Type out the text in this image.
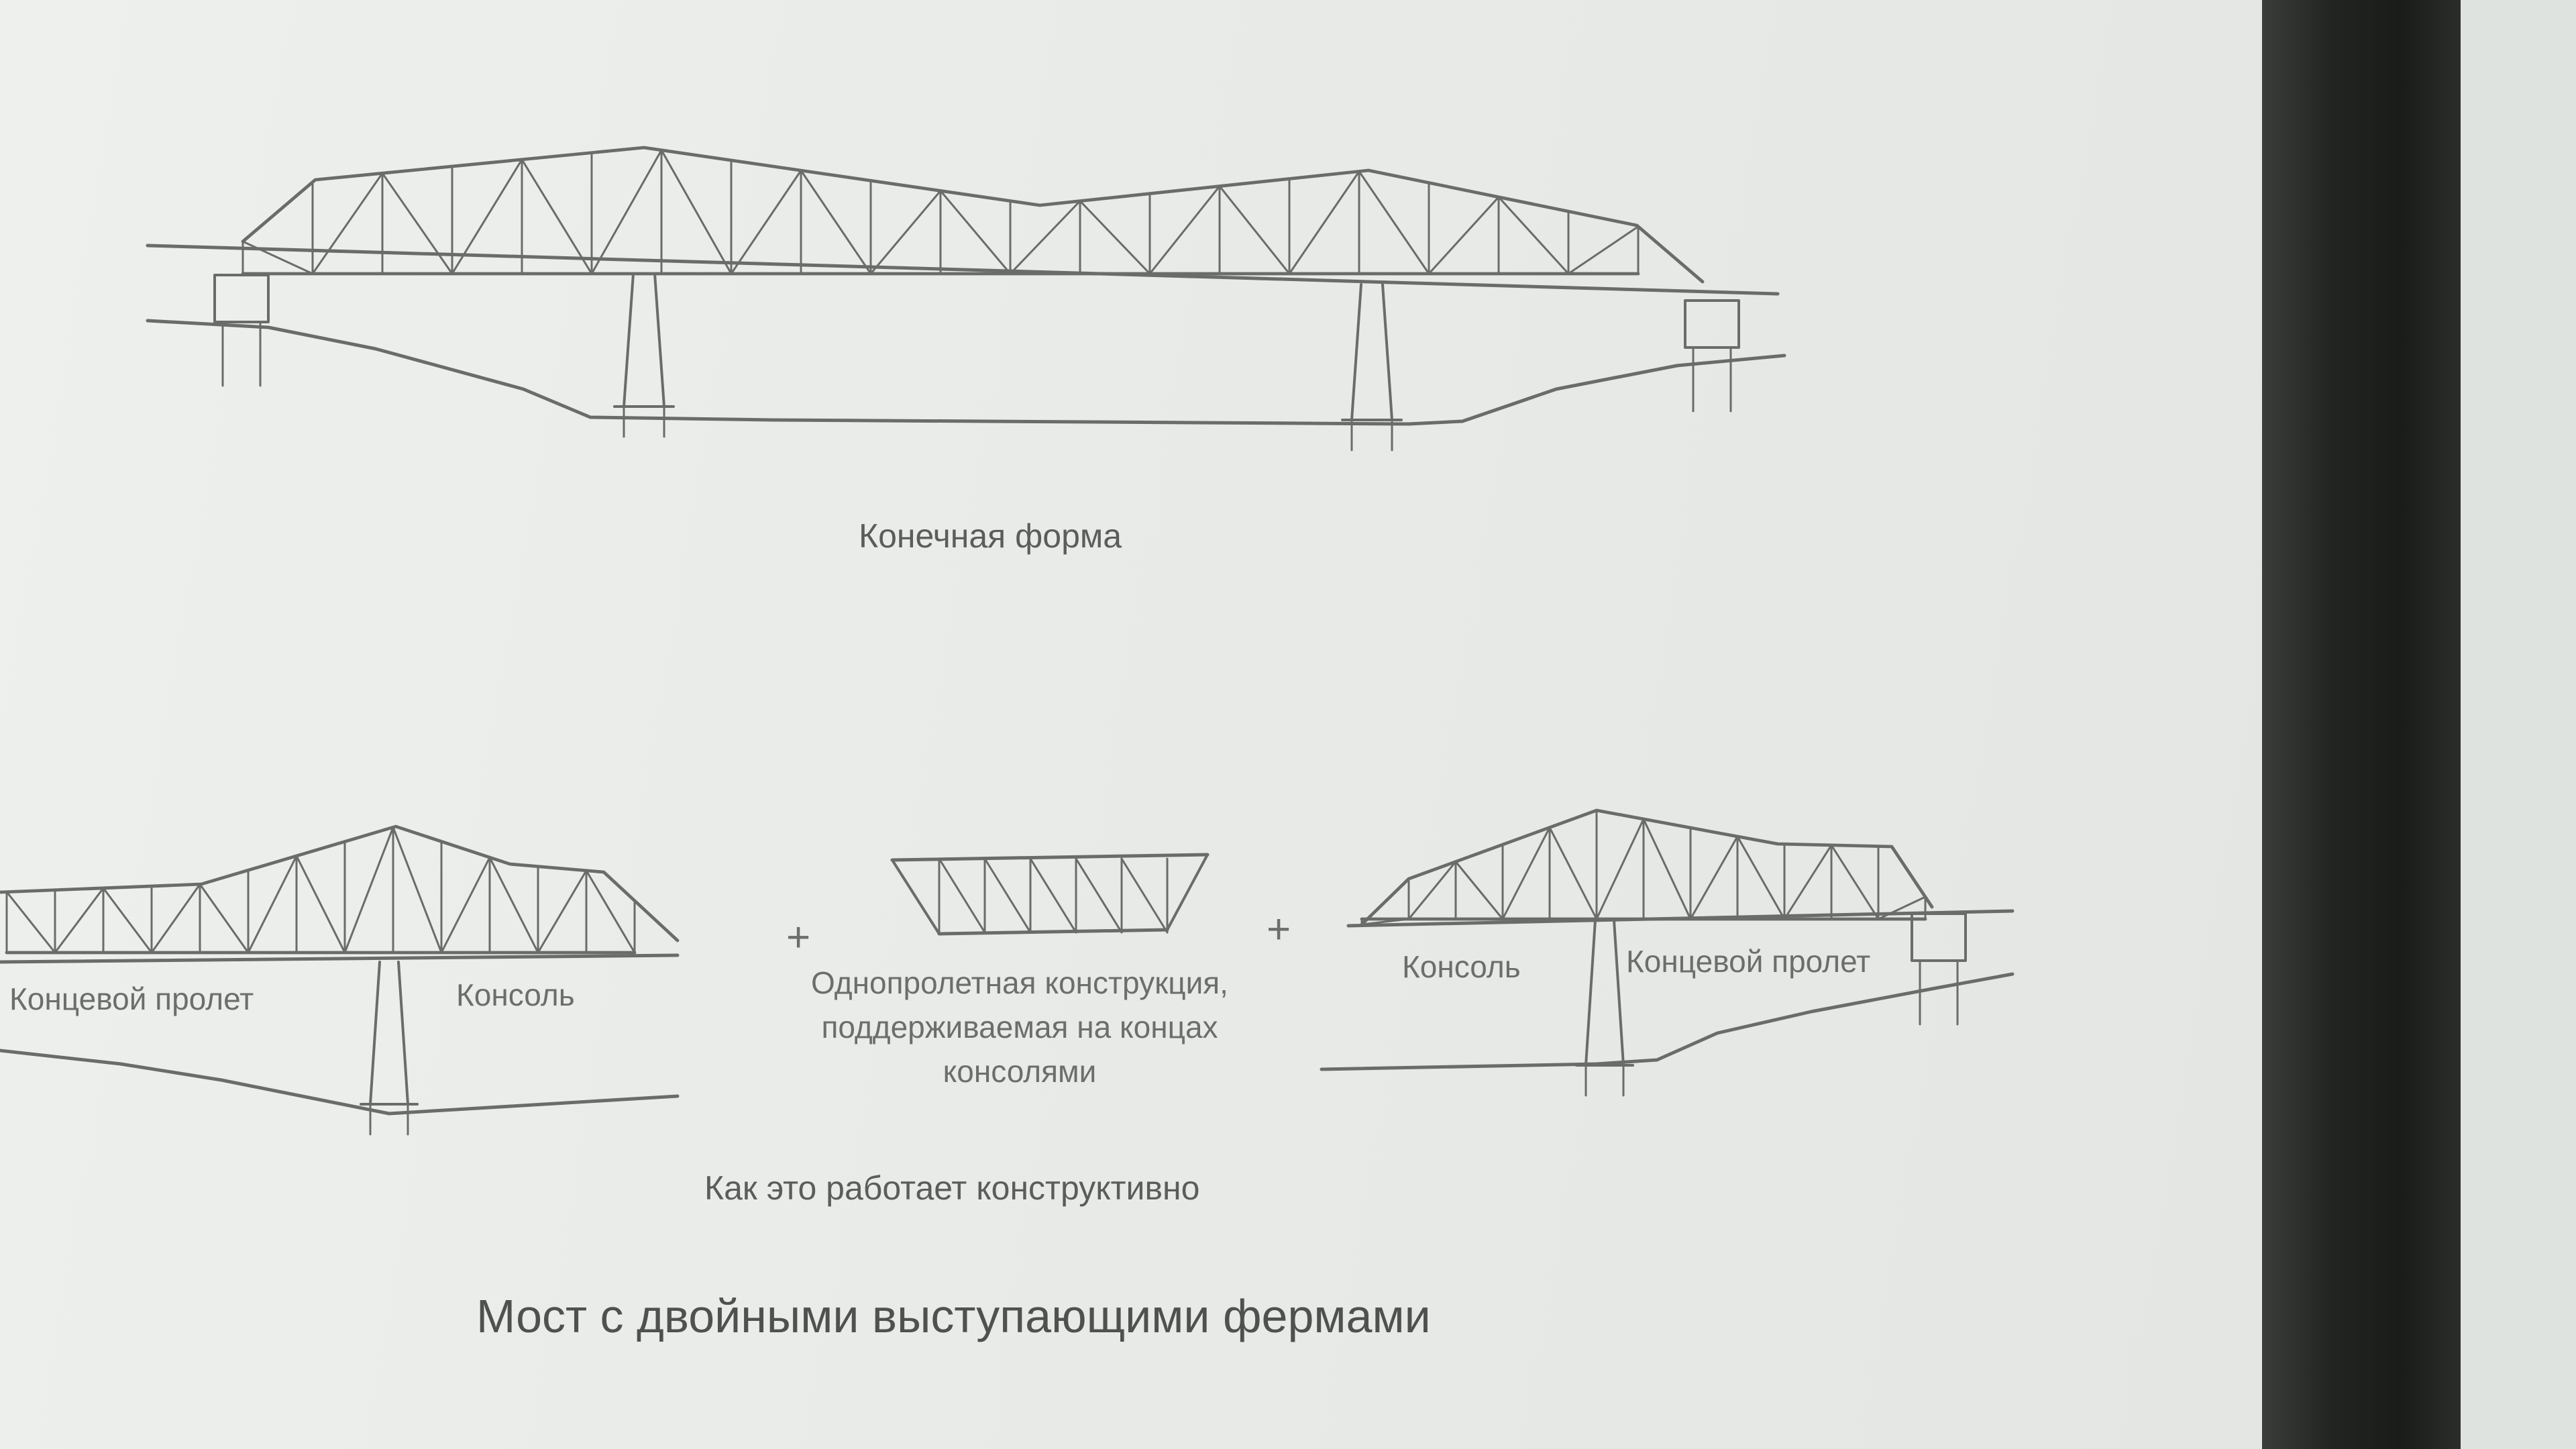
Конечная форма
Концевой пролет	Консоль
+	+
Однопролетная конструкция,
поддерживаемая на концах
консолями
Консоль	Концевой пролет
Как это работает конструктивно
Мост с двойными выступающими фермами
